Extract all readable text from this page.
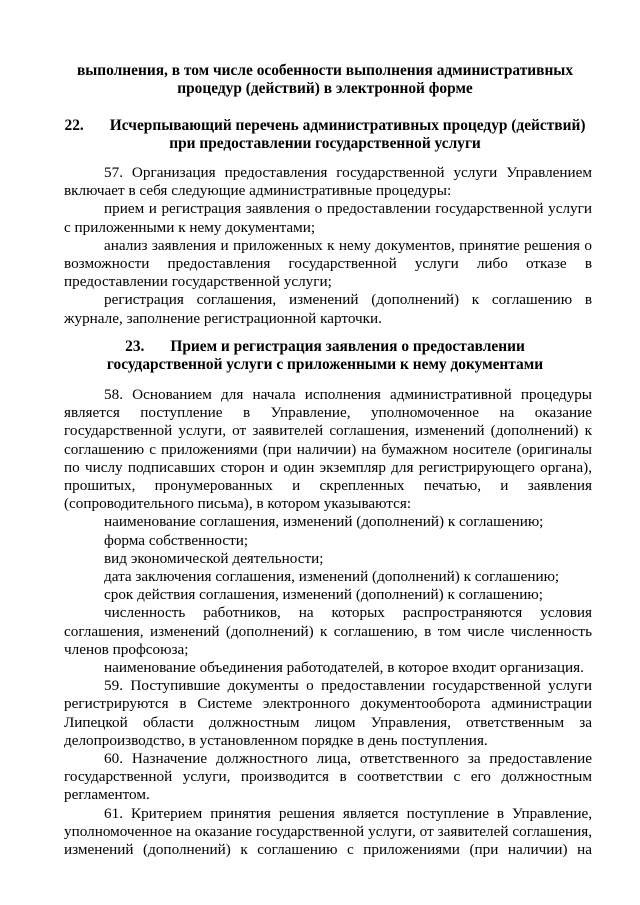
выполнения, в том числе особенности выполнения административных
процедур (действий) в электронной форме
22. Исчерпывающий перечень административных процедур (действий)
при предоставлении государственной услуги

57. Организация предоставления государственной услуги Управлением включает в себя следующие административные процедуры:

прием и регистрация заявления о предоставлении государственной услуги с приложенными к нему документами;

анализ заявления и приложенных к нему документов, принятие решения о возможности предоставления государственной услуги либо отказе в предоставлении государственной услуги;

регистрация соглашения, изменений (дополнений) к соглашению в журнале, заполнение регистрационной карточки.

23. Прием и регистрация заявления о предоставлении
государственной услуги с приложенными к нему документами

58. Основанием для начала исполнения административной процедуры является поступление в Управление, уполномоченное на оказание государственной услуги, от заявителей соглашения, изменений (дополнений) к соглашению с приложениями (при наличии) на бумажном носителе (оригиналы по числу подписавших сторон и один экземпляр для регистрирующего органа), прошитых, пронумерованных и скрепленных печатью, и заявления (сопроводительного письма), в котором указываются:

наименование соглашения, изменений (дополнений) к соглашению;

форма собственности;

вид экономической деятельности;

дата заключения соглашения, изменений (дополнений) к соглашению;

срок действия соглашения, изменений (дополнений) к соглашению;

численность работников, на которых распространяются условия соглашения, изменений (дополнений) к соглашению, в том числе численность членов профсоюза;

наименование объединения работодателей, в которое входит организация.

59. Поступившие документы о предоставлении государственной услуги регистрируются в Системе электронного документооборота администрации Липецкой области должностным лицом Управления, ответственным за делопроизводство, в установленном порядке в день поступления.

60. Назначение должностного лица, ответственного за предоставление государственной услуги, производится в соответствии с его должностным регламентом.

61. Критерием принятия решения является поступление в Управление, уполномоченное на оказание государственной услуги, от заявителей соглашения, изменений (дополнений) к соглашению с приложениями (при наличии) на
